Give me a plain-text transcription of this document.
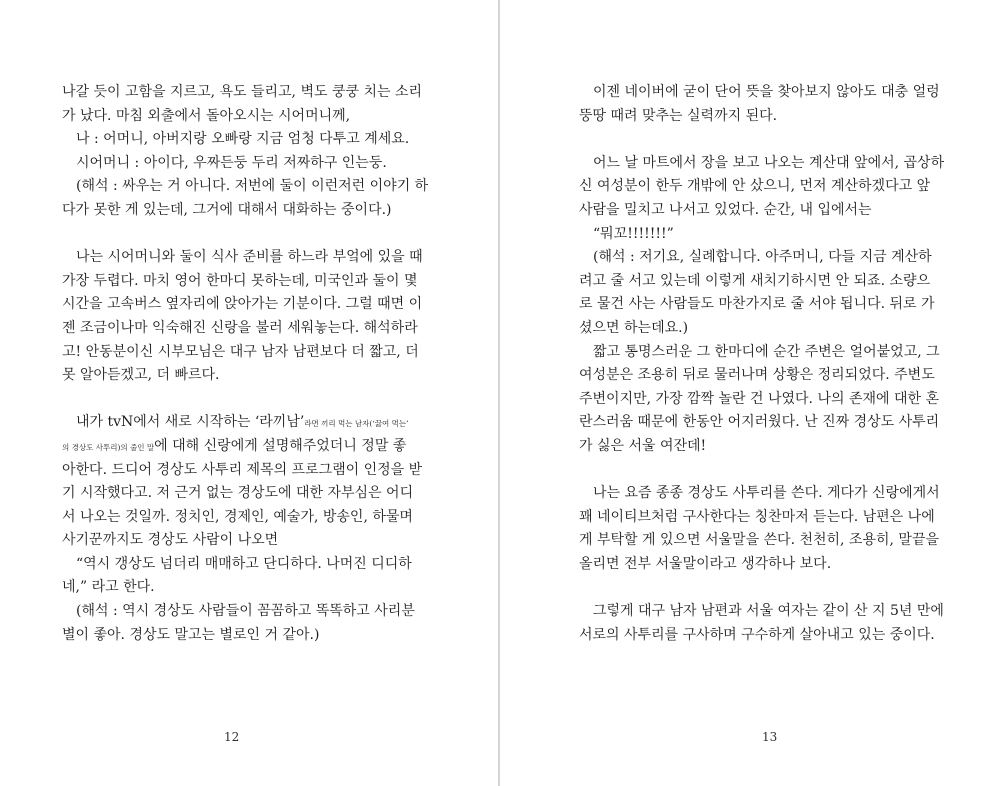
나갈 듯이 고함을 지르고, 욕도 들리고, 벽도 쿵쿵 치는 소리
가 났다. 마침 외출에서 돌아오시는 시어머니께,
　나 : 어머니, 아버지랑 오빠랑 지금 엄청 다투고 계세요.
　시어머니 : 아이다, 우짜든둥 두리 저짜하구 인는둥.
　(해석 : 싸우는 거 아니다. 저번에 둘이 이런저런 이야기 하
다가 못한 게 있는데, 그거에 대해서 대화하는 중이다.)
　나는 시어머니와 둘이 식사 준비를 하느라 부엌에 있을 때
가장 두렵다. 마치 영어 한마디 못하는데, 미국인과 둘이 몇
시간을 고속버스 옆자리에 앉아가는 기분이다. 그럴 때면 이
젠 조금이나마 익숙해진 신랑을 불러 세워놓는다. 해석하라
고! 안동분이신 시부모님은 대구 남자 남편보다 더 짧고, 더
못 알아듣겠고, 더 빠르다.
　내가 tvN에서 새로 시작하는 ‘라끼남’라면 끼리 먹는 남자(‘끓여 먹는’
의 경상도 사투리)의 줄인 말에 대해 신랑에게 설명해주었더니 정말 좋
아한다. 드디어 경상도 사투리 제목의 프로그램이 인정을 받
기 시작했다고. 저 근거 없는 경상도에 대한 자부심은 어디
서 나오는 것일까. 정치인, 경제인, 예술가, 방송인, 하물며
사기꾼까지도 경상도 사람이 나오면
　“역시 갱상도 넘더리 매매하고 단디하다. 나머진 디디하
네,” 라고 한다.
　(해석 : 역시 경상도 사람들이 꼼꼼하고 똑똑하고 사리분
별이 좋아. 경상도 말고는 별로인 거 같아.)
12
　이젠 네이버에 굳이 단어 뜻을 찾아보지 않아도 대충 얼렁
뚱땅 때려 맞추는 실력까지 된다.
　어느 날 마트에서 장을 보고 나오는 계산대 앞에서, 곱상하
신 여성분이 한두 개밖에 안 샀으니, 먼저 계산하겠다고 앞
사람을 밀치고 나서고 있었다. 순간, 내 입에서는
　“뭐꼬!!!!!!!”
　(해석 : 저기요, 실례합니다. 아주머니, 다들 지금 계산하
려고 줄 서고 있는데 이렇게 새치기하시면 안 되죠. 소량으
로 물건 사는 사람들도 마찬가지로 줄 서야 됩니다. 뒤로 가
셨으면 하는데요.)
　짧고 통명스러운 그 한마디에 순간 주변은 얼어붙었고, 그
여성분은 조용히 뒤로 물러나며 상황은 정리되었다. 주변도
주변이지만, 가장 깜짝 놀란 건 나였다. 나의 존재에 대한 혼
란스러움 때문에 한동안 어지러웠다. 난 진짜 경상도 사투리
가 싫은 서울 여잔데!
　나는 요즘 종종 경상도 사투리를 쓴다. 게다가 신랑에게서
꽤 네이티브처럼 구사한다는 칭찬마저 듣는다. 남편은 나에
게 부탁할 게 있으면 서울말을 쓴다. 천천히, 조용히, 말끝을
올리면 전부 서울말이라고 생각하나 보다.
　그렇게 대구 남자 남편과 서울 여자는 같이 산 지 5년 만에
서로의 사투리를 구사하며 구수하게 살아내고 있는 중이다.
13
